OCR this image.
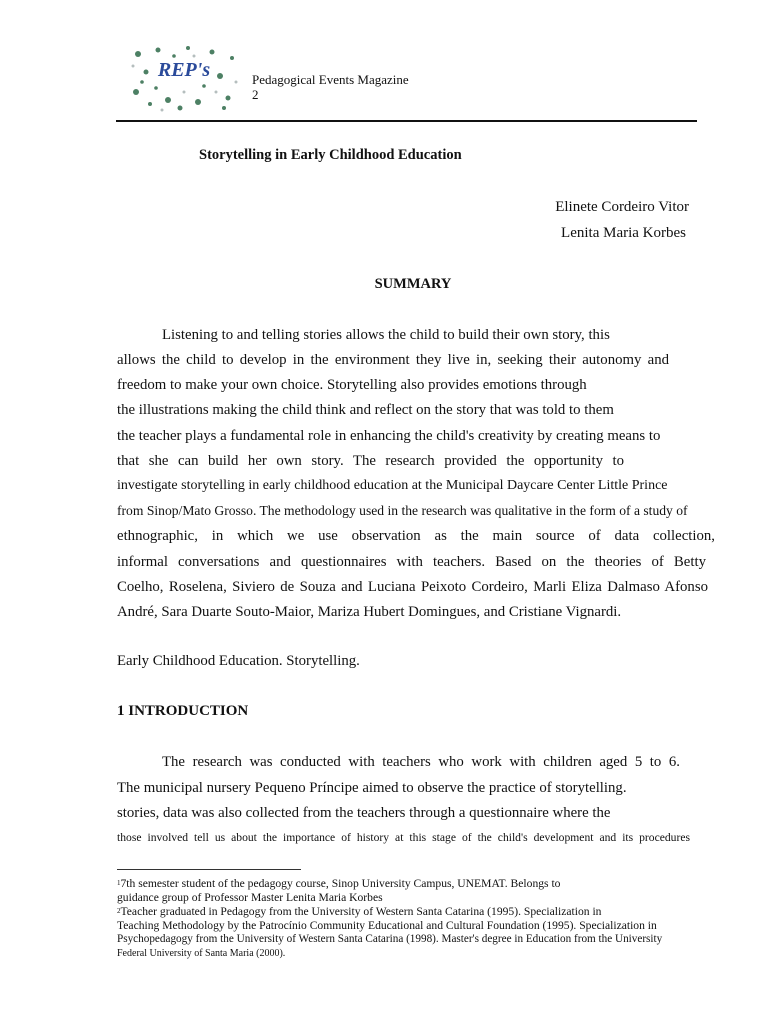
REP's	Pedagogical Events Magazine
2
Storytelling in Early Childhood Education
Elinete Cordeiro Vitor
Lenita Maria Korbes
SUMMARY
Listening to and telling stories allows the child to build their own story, this
allows the child to develop in the environment they live in, seeking their autonomy and
freedom to make your own choice. Storytelling also provides emotions through
the illustrations making the child think and reflect on the story that was told to them
the teacher plays a fundamental role in enhancing the child's creativity by creating means to
that she can build her own story. The research provided the opportunity to
investigate storytelling in early childhood education at the Municipal Daycare Center Little Prince
from Sinop/Mato Grosso. The methodology used in the research was qualitative in the form of a study of
ethnographic, in which we use observation as the main source of data collection,
informal conversations and questionnaires with teachers. Based on the theories of Betty
Coelho, Roselena, Siviero de Souza and Luciana Peixoto Cordeiro, Marli Eliza Dalmaso Afonso
André, Sara Duarte Souto-Maior, Mariza Hubert Domingues, and Cristiane Vignardi.
Early Childhood Education. Storytelling.
1 INTRODUCTION
The research was conducted with teachers who work with children aged 5 to 6.
The municipal nursery Pequeno Príncipe aimed to observe the practice of storytelling.
stories, data was also collected from the teachers through a questionnaire where the
those involved tell us about the importance of history at this stage of the child's development and its procedures
$^1$7th semester student of the pedagogy course, Sinop University Campus, UNEMAT. Belongs to
guidance group of Professor Master Lenita Maria Korbes
$^2$Teacher graduated in Pedagogy from the University of Western Santa Catarina (1995). Specialization in
Teaching Methodology by the Patrocínio Community Educational and Cultural Foundation (1995). Specialization in
Psychopedagogy from the University of Western Santa Catarina (1998). Master's degree in Education from the University
Federal University of Santa Maria (2000).
